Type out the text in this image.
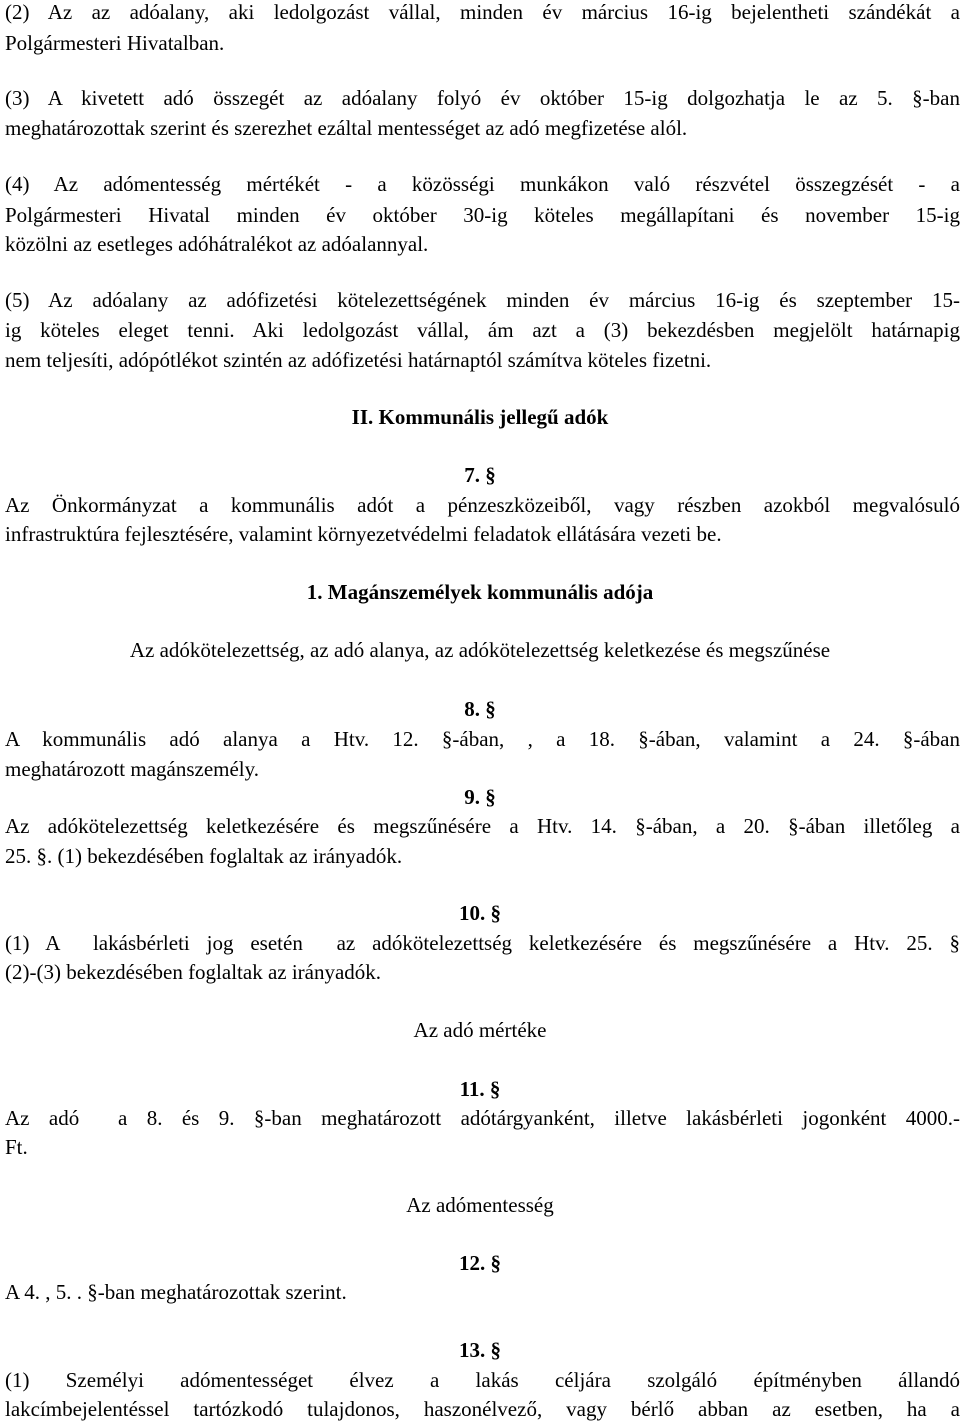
(2) Az az adóalany, aki ledolgozást vállal, minden év március 16-ig bejelentheti szándékát a
Polgármesteri Hivatalban.
(3) A kivetett adó összegét az adóalany folyó év október 15-ig dolgozhatja le az 5. §-ban
meghatározottak szerint és szerezhet ezáltal mentességet az adó megfizetése alól.
(4) Az adómentesség mértékét - a közösségi munkákon való részvétel összegzését - a
Polgármesteri Hivatal minden év október 30-ig köteles megállapítani és november 15-ig
közölni az esetleges adóhátralékot az adóalannyal.
(5) Az adóalany az adófizetési kötelezettségének minden év március 16-ig és szeptember 15-
ig köteles eleget tenni. Aki ledolgozást vállal, ám azt a (3) bekezdésben megjelölt határnapig
nem teljesíti, adópótlékot szintén az adófizetési határnaptól számítva köteles fizetni.
II. Kommunális jellegű adók
7. §
Az Önkormányzat a kommunális adót a pénzeszközeiből, vagy részben azokból megvalósuló
infrastruktúra fejlesztésére, valamint környezetvédelmi feladatok ellátására vezeti be.
1. Magánszemélyek kommunális adója
Az adókötelezettség, az adó alanya, az adókötelezettség keletkezése és megszűnése
8. §
A kommunális adó alanya a Htv. 12. §-ában, , a 18. §-ában, valamint a 24. §-ában
meghatározott magánszemély.
9. §
Az adókötelezettség keletkezésére és megszűnésére a Htv. 14. §-ában, a 20. §-ában illetőleg a
25. §. (1) bekezdésében foglaltak az irányadók.
10. §
(1) A  lakásbérleti jog esetén  az adókötelezettség keletkezésére és megszűnésére a Htv. 25. §
(2)-(3) bekezdésében foglaltak az irányadók.
Az adó mértéke
11. §
Az adó  a 8. és 9. §-ban meghatározott adótárgyanként, illetve lakásbérleti jogonként 4000.-
Ft.
Az adómentesség
12. §
A 4. , 5. . §-ban meghatározottak szerint.
13. §
(1) Személyi adómentességet élvez a lakás céljára szolgáló építményben állandó
lakcímbejelentéssel tartózkodó tulajdonos, haszonélvező, vagy bérlő abban az esetben, ha a
